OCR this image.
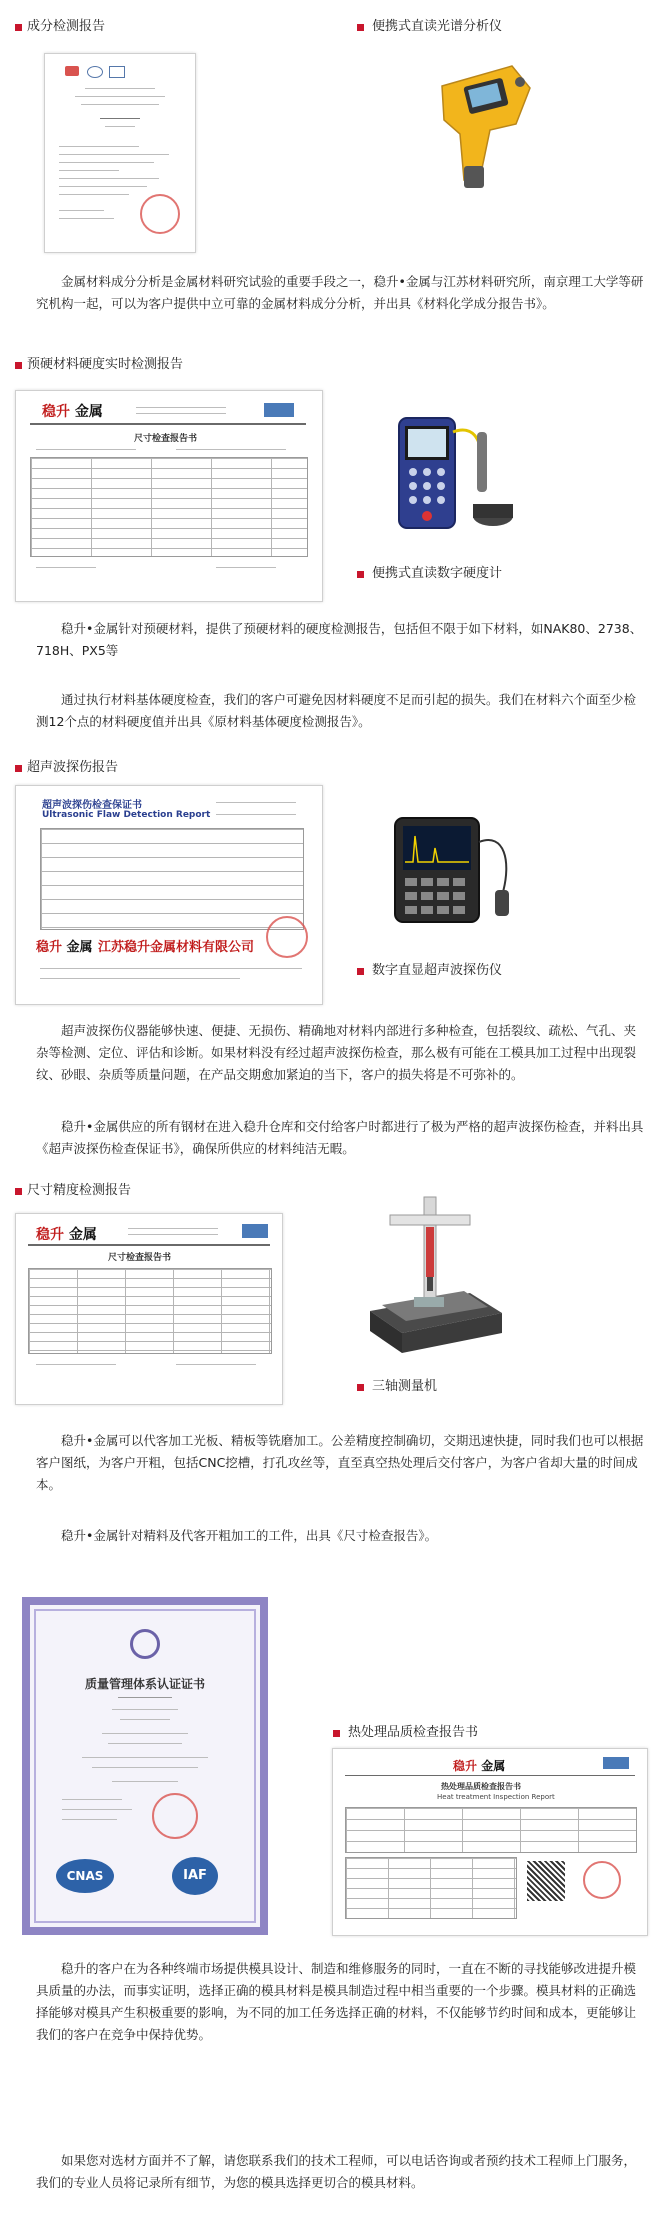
成分检测报告	便携式直读光谱分析仪
金属材料成分分析是金属材料研究试验的重要手段之一，稳升•金属与江苏材料研究所，南京理工大学等研究机构一起，可以为客户提供中立可靠的金属材料成分分析，并出具《材料化学成分报告书》。
预硬材料硬度实时检测报告
稳升 金属
尺寸检查报告书
便携式直读数字硬度计
稳升•金属针对预硬材料，提供了预硬材料的硬度检测报告，包括但不限于如下材料，如NAK80、2738、718H、PX5等
通过执行材料基体硬度检查，我们的客户可避免因材料硬度不足而引起的损失。我们在材料六个面至少检测12个点的材料硬度值并出具《原材料基体硬度检测报告》。
超声波探伤报告
超声波探伤检查保证书
Ultrasonic Flaw Detection Report
稳升 金属 江苏稳升金属材料有限公司
数字直显超声波探伤仪
超声波探伤仪器能够快速、便捷、无损伤、精确地对材料内部进行多种检查，包括裂纹、疏松、气孔、夹杂等检测、定位、评估和诊断。如果材料没有经过超声波探伤检查，那么极有可能在工模具加工过程中出现裂纹、砂眼、杂质等质量问题，在产品交期愈加紧迫的当下，客户的损失将是不可弥补的。
稳升•金属供应的所有钢材在进入稳升仓库和交付给客户时都进行了极为严格的超声波探伤检查，并料出具《超声波探伤检查保证书》，确保所供应的材料纯洁无暇。
尺寸精度检测报告
稳升 金属
尺寸检查报告书
三轴测量机
稳升•金属可以代客加工光板、精板等铣磨加工。公差精度控制确切，交期迅速快捷，同时我们也可以根据客户图纸，为客户开粗，包括CNC挖槽，打孔攻丝等，直至真空热处理后交付客户，为客户省却大量的时间成本。
稳升•金属针对精料及代客开粗加工的工件，出具《尺寸检查报告》。
质量管理体系认证证书
CNAS	IAF
热处理品质检查报告书
稳升 金属
热处理品质检查报告书
Heat treatment Inspection Report
稳升的客户在为各种终端市场提供模具设计、制造和维修服务的同时，一直在不断的寻找能够改进提升模具质量的办法，而事实证明，选择正确的模具材料是模具制造过程中相当重要的一个步骤。模具材料的正确选择能够对模具产生积极重要的影响，为不同的加工任务选择正确的材料，不仅能够节约时间和成本，更能够让我们的客户在竞争中保持优势。
如果您对选材方面并不了解，请您联系我们的技术工程师，可以电话咨询或者预约技术工程师上门服务，我们的专业人员将记录所有细节，为您的模具选择更切合的模具材料。
